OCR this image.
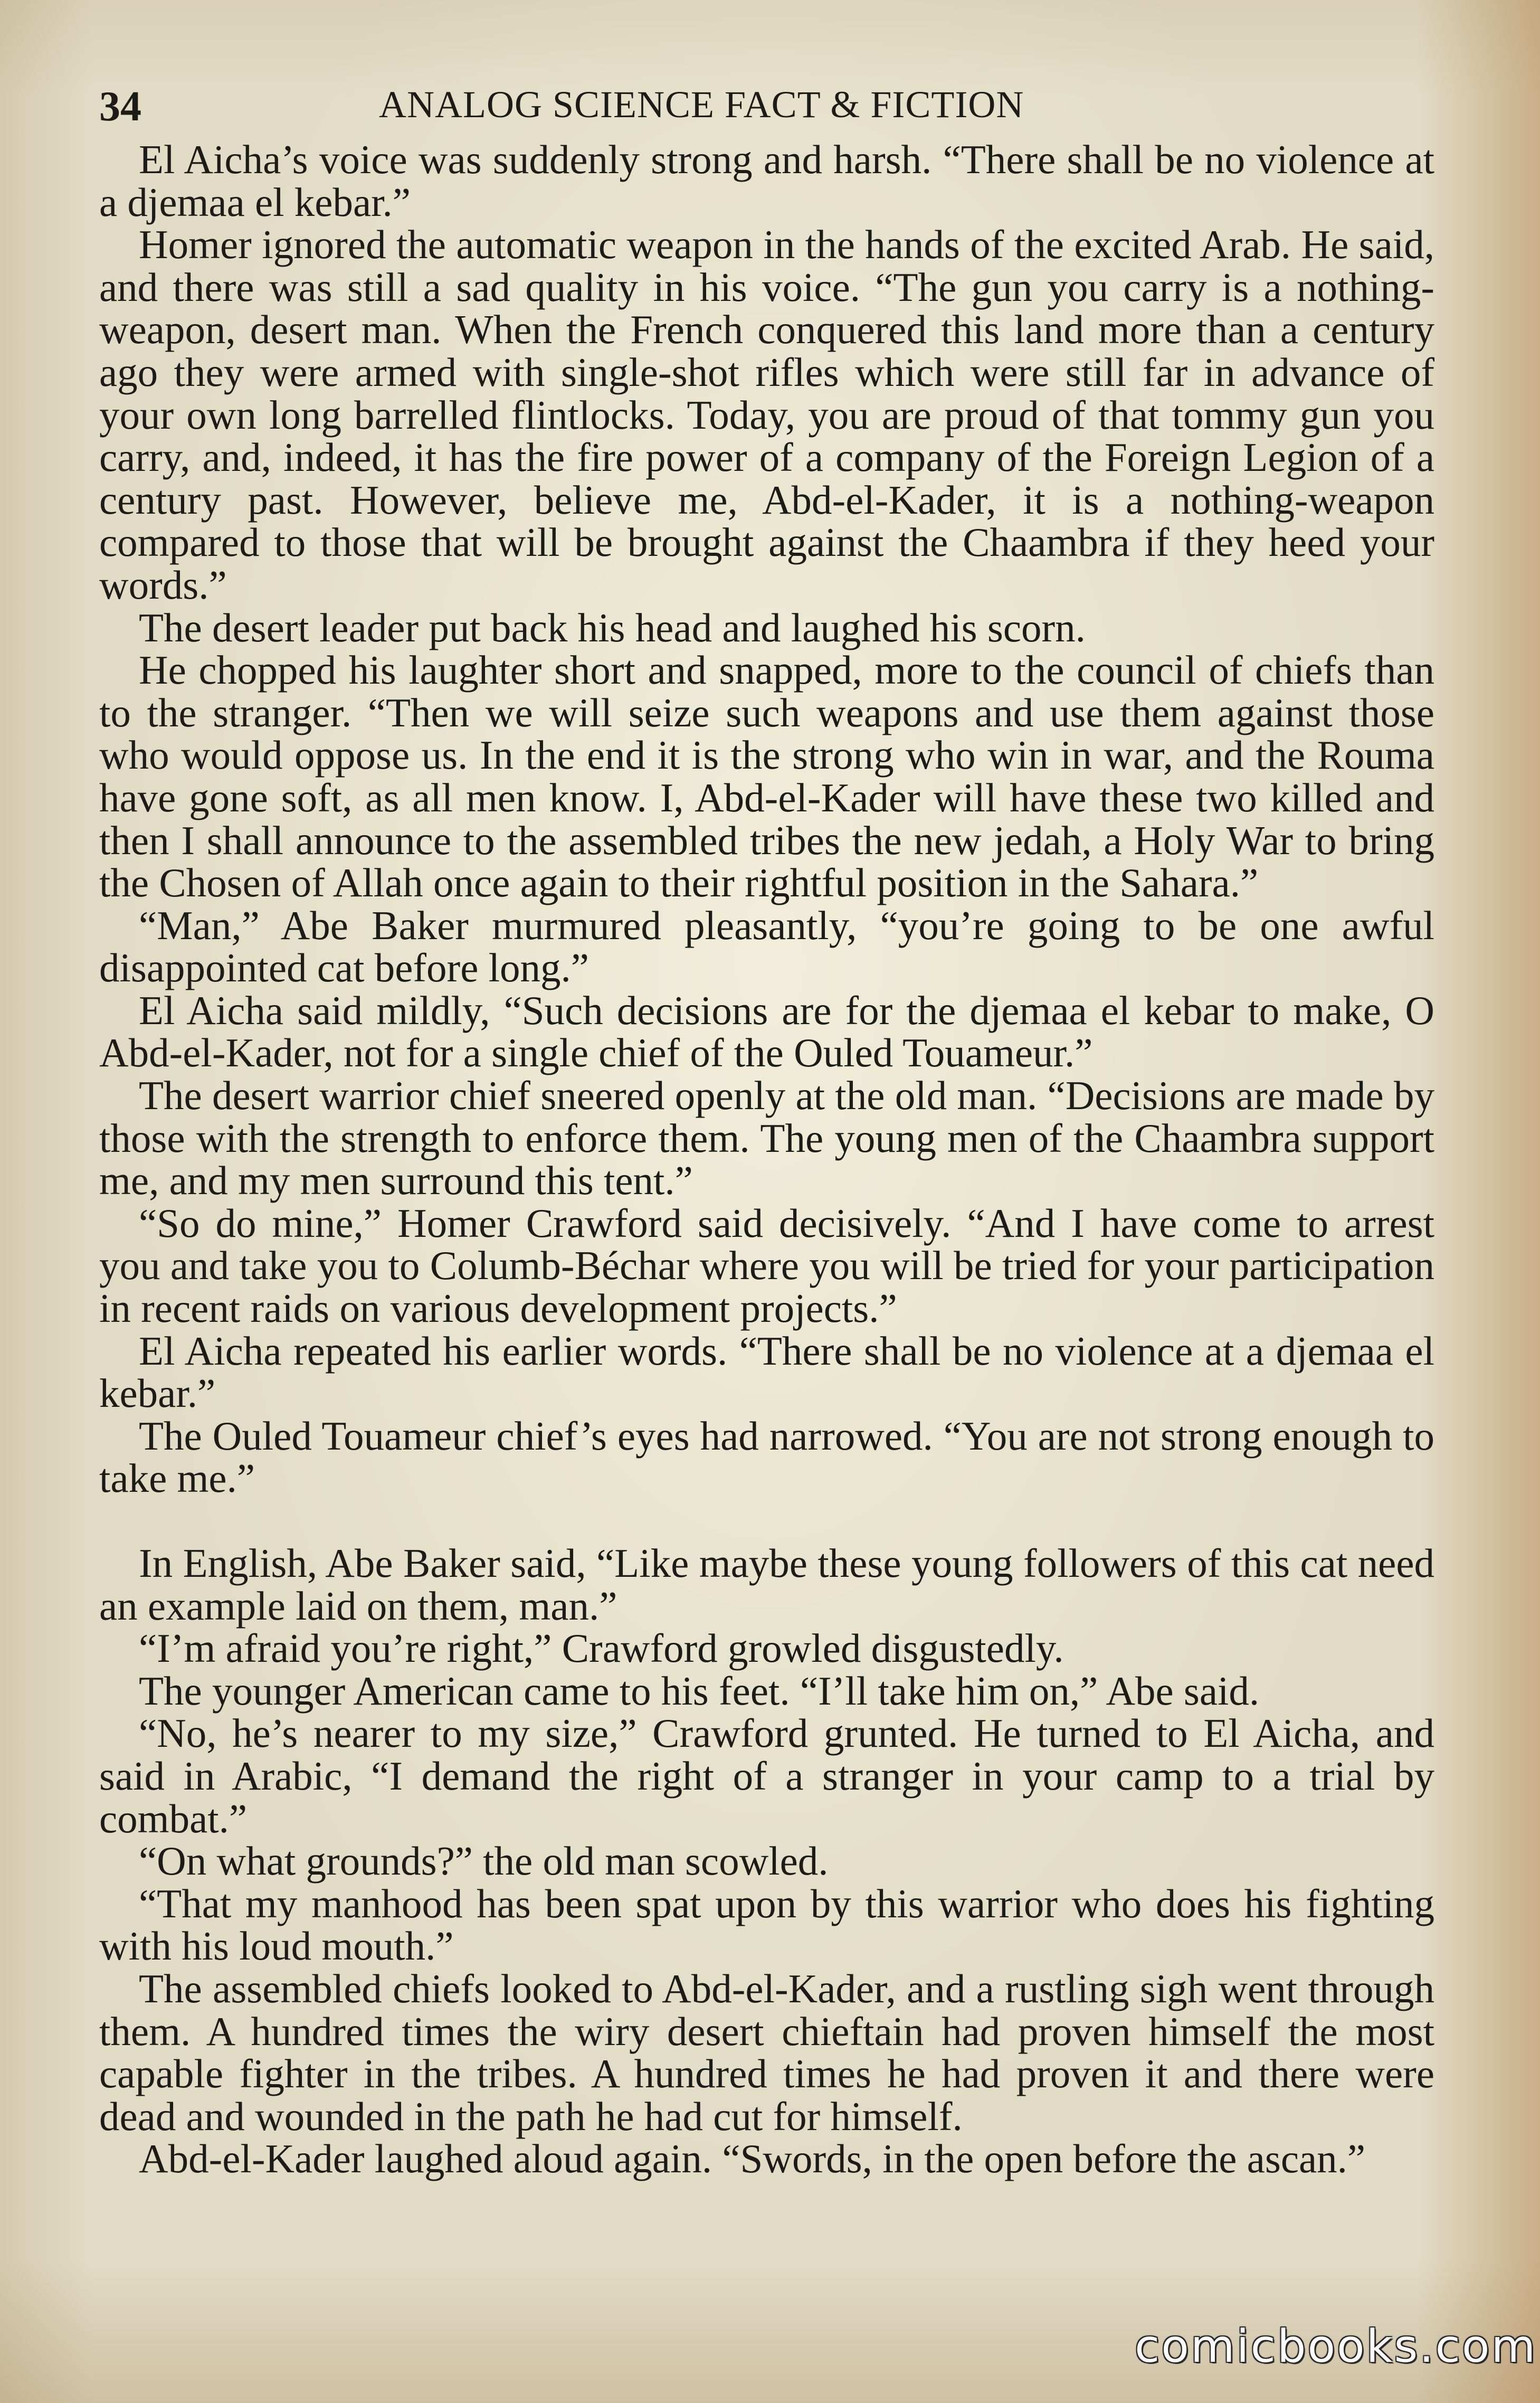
34	ANALOG SCIENCE FACT & FICTION

El Aicha’s voice was suddenly strong and harsh. “There shall be no violence at a djemaa el kebar.”

Homer ignored the automatic weapon in the hands of the excited Arab. He said, and there was still a sad quality in his voice. “The gun you carry is a nothing-weapon, desert man. When the French conquered this land more than a century ago they were armed with single-shot rifles which were still far in advance of your own long barrelled flintlocks. Today, you are proud of that tommy gun you carry, and, indeed, it has the fire power of a company of the Foreign Legion of a century past. However, believe me, Abd-el-Kader, it is a nothing-weapon compared to those that will be brought against the Chaambra if they heed your words.”

The desert leader put back his head and laughed his scorn.

He chopped his laughter short and snapped, more to the council of chiefs than to the stranger. “Then we will seize such weapons and use them against those who would oppose us. In the end it is the strong who win in war, and the Rouma have gone soft, as all men know. I, Abd-el-Kader will have these two killed and then I shall announce to the assembled tribes the new jedah, a Holy War to bring the Chosen of Allah once again to their rightful position in the Sahara.”

“Man,” Abe Baker murmured pleasantly, “you’re going to be one awful disappointed cat before long.”

El Aicha said mildly, “Such decisions are for the djemaa el kebar to make, O Abd-el-Kader, not for a single chief of the Ouled Touameur.”

The desert warrior chief sneered openly at the old man. “Decisions are made by those with the strength to enforce them. The young men of the Chaambra support me, and my men surround this tent.”

“So do mine,” Homer Crawford said decisively. “And I have come to arrest you and take you to Columb-Béchar where you will be tried for your participation in recent raids on various development projects.”

El Aicha repeated his earlier words. “There shall be no violence at a djemaa el kebar.”

The Ouled Touameur chief’s eyes had narrowed. “You are not strong enough to take me.”

In English, Abe Baker said, “Like maybe these young followers of this cat need an example laid on them, man.”

“I’m afraid you’re right,” Crawford growled disgustedly.

The younger American came to his feet. “I’ll take him on,” Abe said.

“No, he’s nearer to my size,” Crawford grunted. He turned to El Aicha, and said in Arabic, “I demand the right of a stranger in your camp to a trial by combat.”

“On what grounds?” the old man scowled.

“That my manhood has been spat upon by this warrior who does his fighting with his loud mouth.”

The assembled chiefs looked to Abd-el-Kader, and a rustling sigh went through them. A hundred times the wiry desert chieftain had proven himself the most capable fighter in the tribes. A hundred times he had proven it and there were dead and wounded in the path he had cut for himself.

Abd-el-Kader laughed aloud again. “Swords, in the open before the ascan.”

comicbooks.com
